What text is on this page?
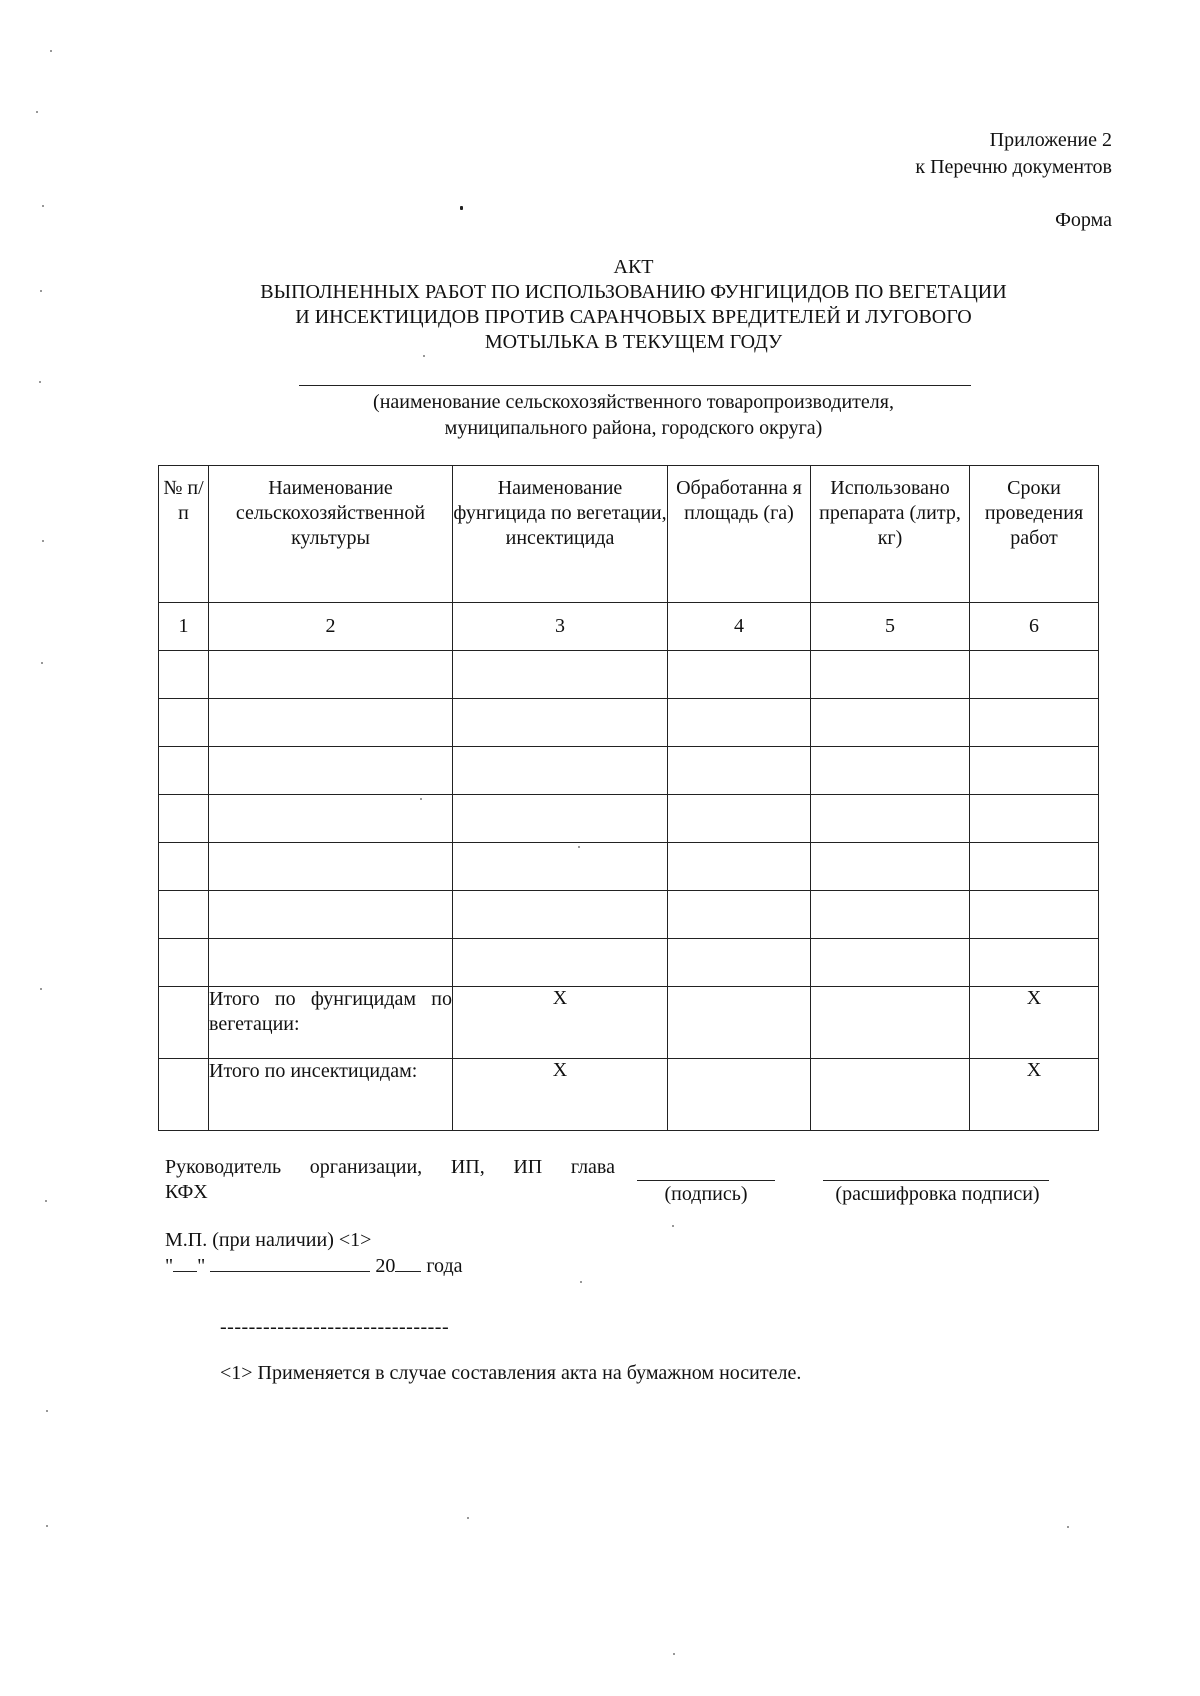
Приложение 2
к Перечню документов
Форма
АКТ
ВЫПОЛНЕННЫХ РАБОТ ПО ИСПОЛЬЗОВАНИЮ ФУНГИЦИДОВ ПО ВЕГЕТАЦИИ
И ИНСЕКТИЦИДОВ ПРОТИВ САРАНЧОВЫХ ВРЕДИТЕЛЕЙ И ЛУГОВОГО
МОТЫЛЬКА В ТЕКУЩЕМ ГОДУ
(наименование сельскохозяйственного товаропроизводителя,
муниципального района, городского округа)
№ п/п	Наименование сельскохозяйственной культуры	Наименование фунгицида по вегетации, инсектицида	Обработанна я площадь (га)	Использовано препарата (литр, кг)	Сроки проведения работ
1	2	3	4	5	6

	Итого по фунгицидам по вегетации:	X			X
	Итого по инсектицидам:	X			X
Руководитель организации, ИП, ИП глава
КФХ	(подпись)	(расшифровка подписи)
М.П. (при наличии) <1>
" "	20 года
--------------------------------
<1> Применяется в случае составления акта на бумажном носителе.
